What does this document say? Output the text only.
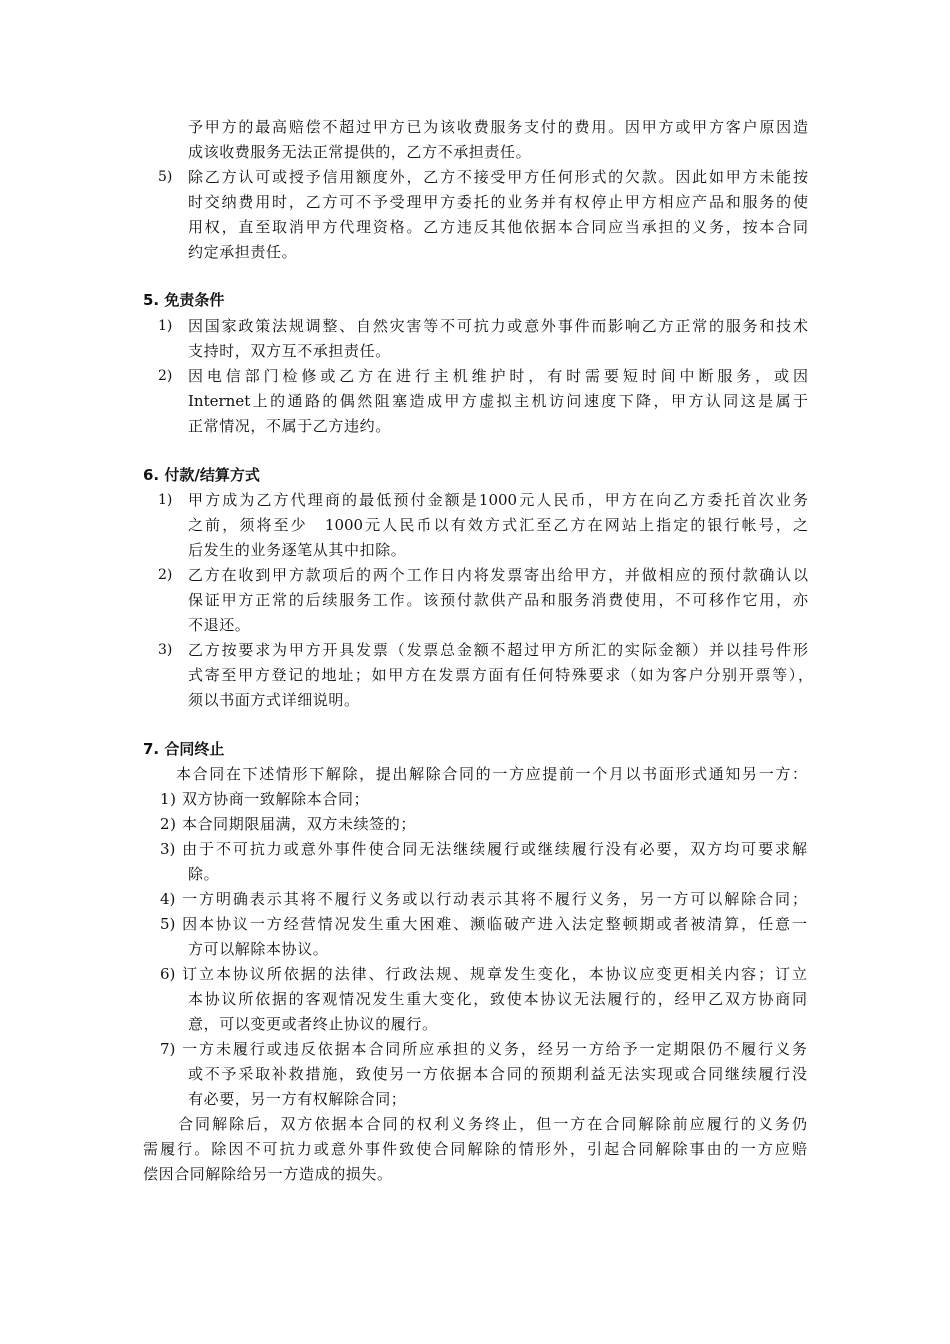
予甲方的最高赔偿不超过甲方已为该收费服务支付的费用。因甲方或甲方客户原因造
成该收费服务无法正常提供的，乙方不承担责任。
5) 除乙方认可或授予信用额度外，乙方不接受甲方任何形式的欠款。因此如甲方未能按
时交纳费用时，乙方可不予受理甲方委托的业务并有权停止甲方相应产品和服务的使
用权，直至取消甲方代理资格。乙方违反其他依据本合同应当承担的义务，按本合同
约定承担责任。
5. 免责条件
1) 因国家政策法规调整、自然灾害等不可抗力或意外事件而影响乙方正常的服务和技术
支持时，双方互不承担责任。
2) 因电信部门检修或乙方在进行主机维护时，有时需要短时间中断服务，或因
Internet上的通路的偶然阻塞造成甲方虚拟主机访问速度下降，甲方认同这是属于
正常情况，不属于乙方违约。
6. 付款/结算方式
1) 甲方成为乙方代理商的最低预付金额是1000元人民币，甲方在向乙方委托首次业务
之前，须将至少　1000元人民币以有效方式汇至乙方在网站上指定的银行帐号，之
后发生的业务逐笔从其中扣除。
2) 乙方在收到甲方款项后的两个工作日内将发票寄出给甲方，并做相应的预付款确认以
保证甲方正常的后续服务工作。该预付款供产品和服务消费使用，不可移作它用，亦
不退还。
3) 乙方按要求为甲方开具发票（发票总金额不超过甲方所汇的实际金额）并以挂号件形
式寄至甲方登记的地址；如甲方在发票方面有任何特殊要求（如为客户分别开票等），
须以书面方式详细说明。
7. 合同终止
本合同在下述情形下解除，提出解除合同的一方应提前一个月以书面形式通知另一方：
1) 双方协商一致解除本合同；
2) 本合同期限届满，双方未续签的；
3) 由于不可抗力或意外事件使合同无法继续履行或继续履行没有必要，双方均可要求解
除。
4) 一方明确表示其将不履行义务或以行动表示其将不履行义务，另一方可以解除合同；
5) 因本协议一方经营情况发生重大困难、濒临破产进入法定整顿期或者被清算，任意一
方可以解除本协议。
6) 订立本协议所依据的法律、行政法规、规章发生变化，本协议应变更相关内容；订立
本协议所依据的客观情况发生重大变化，致使本协议无法履行的，经甲乙双方协商同
意，可以变更或者终止协议的履行。
7) 一方未履行或违反依据本合同所应承担的义务，经另一方给予一定期限仍不履行义务
或不予采取补救措施，致使另一方依据本合同的预期利益无法实现或合同继续履行没
有必要，另一方有权解除合同；
合同解除后，双方依据本合同的权利义务终止，但一方在合同解除前应履行的义务仍
需履行。除因不可抗力或意外事件致使合同解除的情形外，引起合同解除事由的一方应赔
偿因合同解除给另一方造成的损失。
